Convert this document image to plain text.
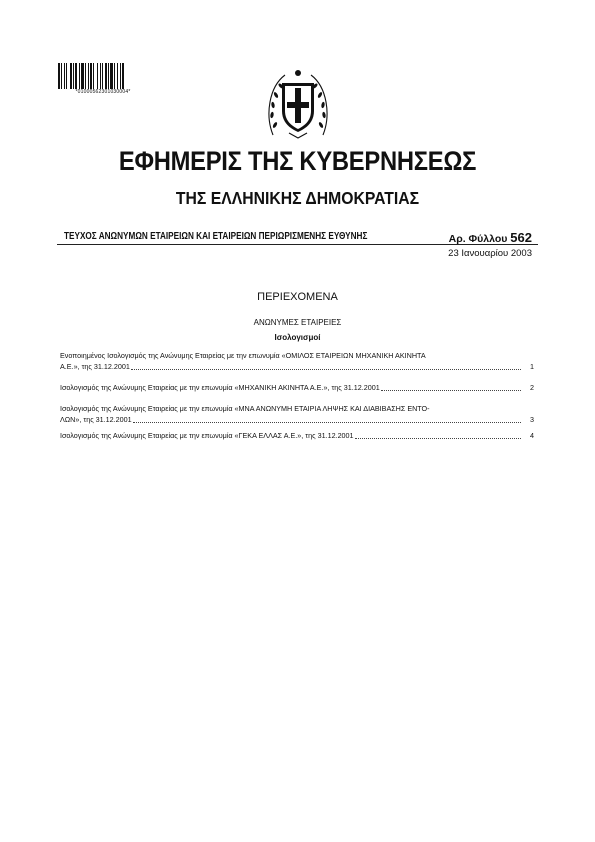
*01000562301030004*
ΕΦΗΜΕΡΙΣ ΤΗΣ ΚΥΒΕΡΝΗΣΕΩΣ
ΤΗΣ ΕΛΛΗΝΙΚΗΣ ΔΗΜΟΚΡΑΤΙΑΣ
ΤΕΥΧΟΣ ΑΝΩΝΥΜΩΝ ΕΤΑΙΡΕΙΩΝ ΚΑΙ ΕΤΑΙΡΕΙΩΝ ΠΕΡΙΩΡΙΣΜΕΝΗΣ ΕΥΘΥΝΗΣ	Αρ. Φύλλου 562
23 Ιανουαρίου 2003
ΠΕΡΙΕΧΟΜΕΝΑ
ΑΝΩΝΥΜΕΣ ΕΤΑΙΡΕΙΕΣ
Ισολογισμοί
Ενοποιημένος Ισολογισμός της Ανώνυμης Εταιρείας με την επωνυμία «ΟΜΙΛΟΣ ΕΤΑΙΡΕΙΩΝ ΜΗΧΑΝΙΚΗ ΑΚΙΝΗΤΑ
Α.Ε.», της 31.12.2001	1
Ισολογισμός της Ανώνυμης Εταιρείας με την επωνυμία «ΜΗΧΑΝΙΚΗ ΑΚΙΝΗΤΑ Α.Ε.», της 31.12.2001	2
Ισολογισμός της Ανώνυμης Εταιρείας με την επωνυμία «ΜΝΑ ΑΝΩΝΥΜΗ ΕΤΑΙΡΙΑ ΛΗΨΗΣ ΚΑΙ ΔΙΑΒΙΒΑΣΗΣ ΕΝΤΟ-
ΛΩΝ», της 31.12.2001	3
Ισολογισμός της Ανώνυμης Εταιρείας με την επωνυμία «ΓΕΚΑ ΕΛΛΑΣ Α.Ε.», της 31.12.2001	4
